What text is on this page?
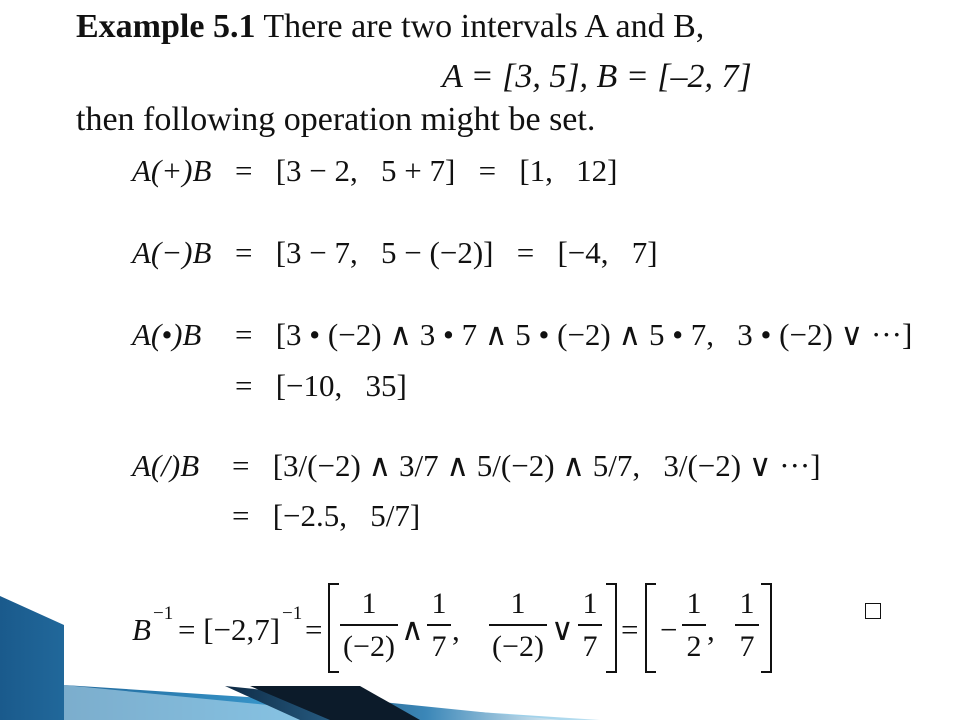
Example 5.1 There are two intervals A and B,
A = [3, 5], B = [–2, 7]
then following operation might be set.
A(+)B =   [3 − 2,   5 + 7]   =   [1,   12]
A(−)B =   [3 − 7,   5 − (−2)]   =   [−4,   7]
A(•)B =   [3 • (−2) ∧ 3 • 7 ∧ 5 • (−2) ∧ 5 • 7,   3 • (−2) ∨ ···]
=   [−10,   35]
A(/)B =   [3/(−2) ∧ 3/7 ∧ 5/(−2) ∧ 5/7,   3/(−2) ∨ ···]
=   [−2.5,   5/7]
B −1 = [−2,7] −1 =
1
(−2) ∧
1
7 ,
1
(−2) ∨
1
7 = −
1
2 ,
1
7
